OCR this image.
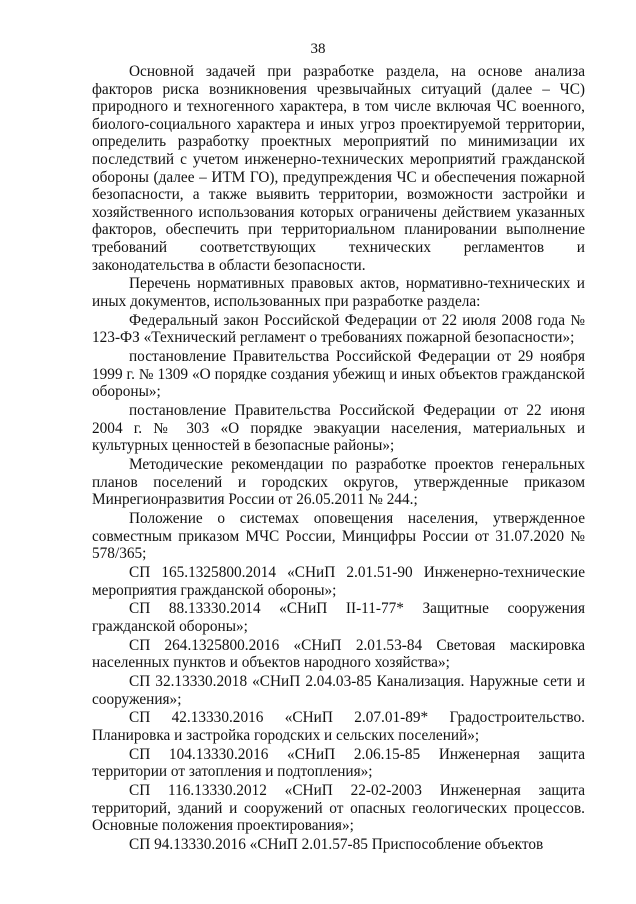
38

Основной задачей при разработке раздела, на основе анализа факторов риска возникновения чрезвычайных ситуаций (далее – ЧС) природного и техногенного характера, в том числе включая ЧС военного, биолого-социального характера и иных угроз проектируемой территории, определить разработку проектных мероприятий по минимизации их последствий с учетом инженерно-технических мероприятий гражданской обороны (далее – ИТМ ГО), предупреждения ЧС и обеспечения пожарной безопасности, а также выявить территории, возможности застройки и хозяйственного использования которых ограничены действием указанных факторов, обеспечить при территориальном планировании выполнение требований соответствующих технических регламентов и законодательства в области безопасности.

Перечень нормативных правовых актов, нормативно-технических и иных документов, использованных при разработке раздела:

Федеральный закон Российской Федерации от 22 июля 2008 года № 123-ФЗ «Технический регламент о требованиях пожарной безопасности»;

постановление Правительства Российской Федерации от 29 ноября 1999 г. № 1309 «О порядке создания убежищ и иных объектов гражданской обороны»;

постановление Правительства Российской Федерации от 22 июня 2004 г. № 303 «О порядке эвакуации населения, материальных и культурных ценностей в безопасные районы»;

Методические рекомендации по разработке проектов генеральных планов поселений и городских округов, утвержденные приказом Минрегионразвития России от 26.05.2011 № 244.;

Положение о системах оповещения населения, утвержденное совместным приказом МЧС России, Минцифры России от 31.07.2020 № 578/365;

СП 165.1325800.2014 «СНиП 2.01.51-90 Инженерно-технические мероприятия гражданской обороны»;

СП 88.13330.2014 «СНиП II-11-77* Защитные сооружения гражданской обороны»;

СП 264.1325800.2016 «СНиП 2.01.53-84 Световая маскировка населенных пунктов и объектов народного хозяйства»;

СП 32.13330.2018 «СНиП 2.04.03-85 Канализация. Наружные сети и сооружения»;

СП 42.13330.2016 «СНиП 2.07.01-89* Градостроительство. Планировка и застройка городских и сельских поселений»;

СП 104.13330.2016 «СНиП 2.06.15-85 Инженерная защита территории от затопления и подтопления»;

СП 116.13330.2012 «СНиП 22-02-2003 Инженерная защита территорий, зданий и сооружений от опасных геологических процессов. Основные положения проектирования»;

СП 94.13330.2016 «СНиП 2.01.57-85 Приспособление объектов
